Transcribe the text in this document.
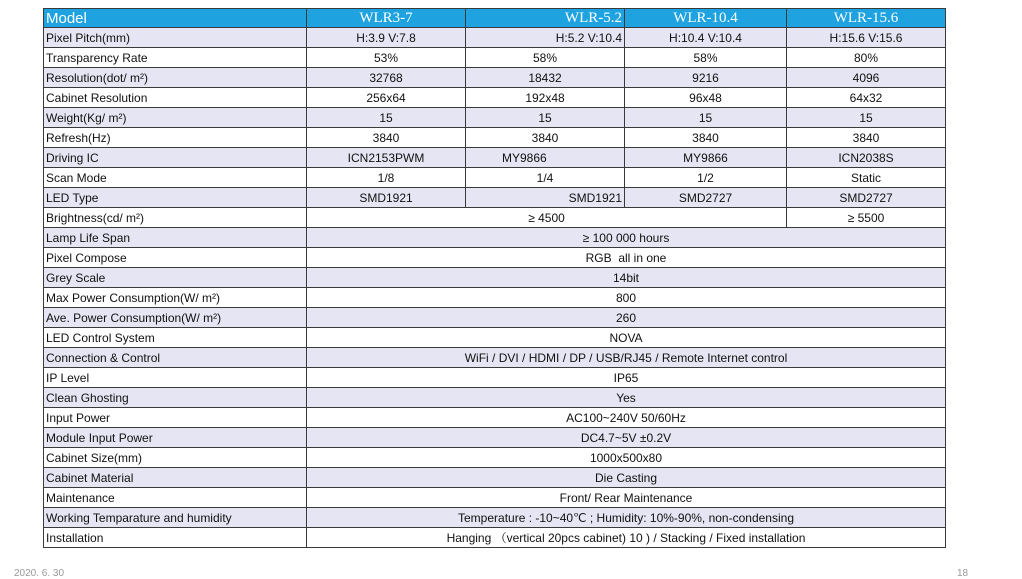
Model	WLR3-7	WLR-5.2	WLR-10.4	WLR-15.6
Pixel Pitch(mm)	H:3.9 V:7.8	H:5.2 V:10.4	H:10.4 V:10.4	H:15.6 V:15.6
Transparency Rate	53%	58%	58%	80%
Resolution(dot/ m²)	32768	18432	9216	4096
Cabinet Resolution	256x64	192x48	96x48	64x32
Weight(Kg/ m²)	15	15	15	15
Refresh(Hz)	3840	3840	3840	3840
Driving IC	ICN2153PWM	MY9866	MY9866	ICN2038S
Scan Mode	1/8	1/4	1/2	Static
LED Type	SMD1921	SMD1921	SMD2727	SMD2727
Brightness(cd/ m²)	≥ 4500			≥ 5500
Lamp Life Span	≥ 100 000 hours			
Pixel Compose	RGB  all in one			
Grey Scale	14bit			
Max Power Consumption(W/ m²)	800			
Ave. Power Consumption(W/ m²)	260			
LED Control System	NOVA			
Connection & Control	WiFi / DVI / HDMI / DP / USB/RJ45 / Remote Internet control			
IP Level	IP65			
Clean Ghosting	Yes			
Input Power	AC100~240V 50/60Hz			
Module Input Power	DC4.7~5V ±0.2V			
Cabinet Size(mm)	1000x500x80			
Cabinet Material	Die Casting			
Maintenance	Front/ Rear Maintenance			
Working Temparature and humidity	Temperature : -10~40℃ ; Humidity: 10%-90%, non-condensing			
Installation	Hanging （vertical 20pcs cabinet) 10 ) / Stacking / Fixed installation			
2020. 6. 30	18
